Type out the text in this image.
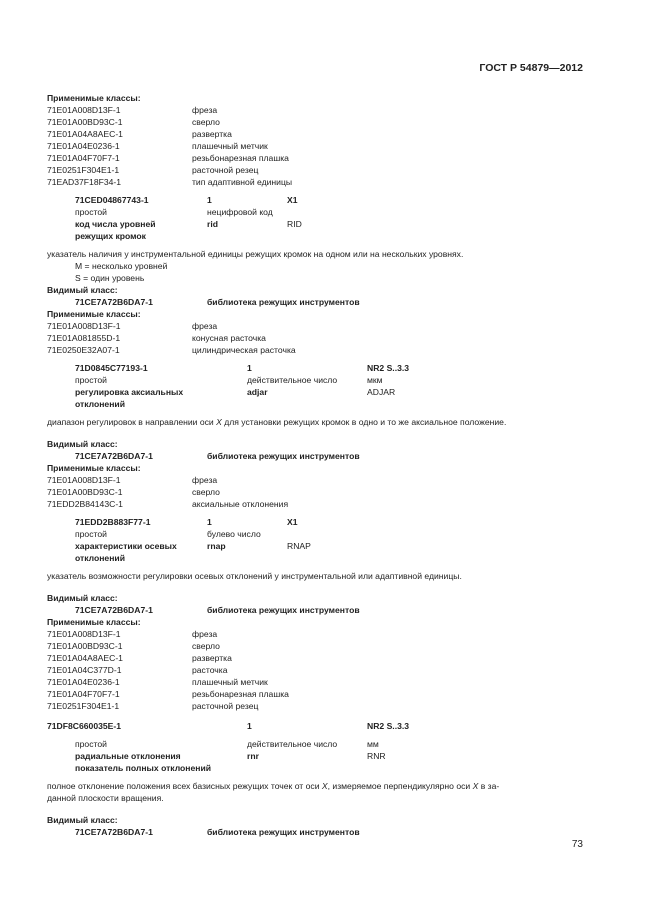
ГОСТ Р 54879—2012
Применимые классы:
71E01A008D13F-1	фреза
71E01A00BD93C-1	сверло
71E01A04A8AEC-1	развертка
71E01A04E0236-1	плашечный метчик
71E01A04F70F7-1	резьбонарезная плашка
71E0251F304E1-1	расточной резец
71EAD37F18F34-1	тип адаптивной единицы
71CED04867743-1	1	X1
простой	нецифровой код
код числа уровней	rid	RID
режущих кромок
указатель наличия у инструментальной единицы режущих кромок на одном или на нескольких уровнях.
M = несколько уровней
S = один уровень
Видимый класс:
71CE7A72B6DA7-1	библиотека режущих инструментов
Применимые классы:
71E01A008D13F-1	фреза
71E01A081855D-1	конусная расточка
71E0250E32A07-1	цилиндрическая расточка
71D0845C77193-1	1	NR2 S..3.3
простой	действительное число	мкм
регулировка аксиальных	adjar	ADJAR
отклонений
диапазон регулировок в направлении оси X для установки режущих кромок в одно и то же аксиальное положение.
Видимый класс:
71CE7A72B6DA7-1	библиотека режущих инструментов
Применимые классы:
71E01A008D13F-1	фреза
71E01A00BD93C-1	сверло
71EDD2B84143C-1	аксиальные отклонения
71EDD2B883F77-1	1	X1
простой	булево число
характеристики осевых	rnap	RNAP
отклонений
указатель возможности регулировки осевых отклонений у инструментальной или адаптивной единицы.
Видимый класс:
71CE7A72B6DA7-1	библиотека режущих инструментов
Применимые классы:
71E01A008D13F-1	фреза
71E01A00BD93C-1	сверло
71E01A04A8AEC-1	развертка
71E01A04C377D-1	расточка
71E01A04E0236-1	плашечный метчик
71E01A04F70F7-1	резьбонарезная плашка
71E0251F304E1-1	расточной резец
71DF8C660035E-1	1	NR2 S..3.3
простой	действительное число	мм
радиальные отклонения	rnr	RNR
показатель полных отклонений
полное отклонение положения всех базисных режущих точек от оси X, измеряемое перпендикулярно оси X в за-
данной плоскости вращения.
Видимый класс:
71CE7A72B6DA7-1	библиотека режущих инструментов
73
